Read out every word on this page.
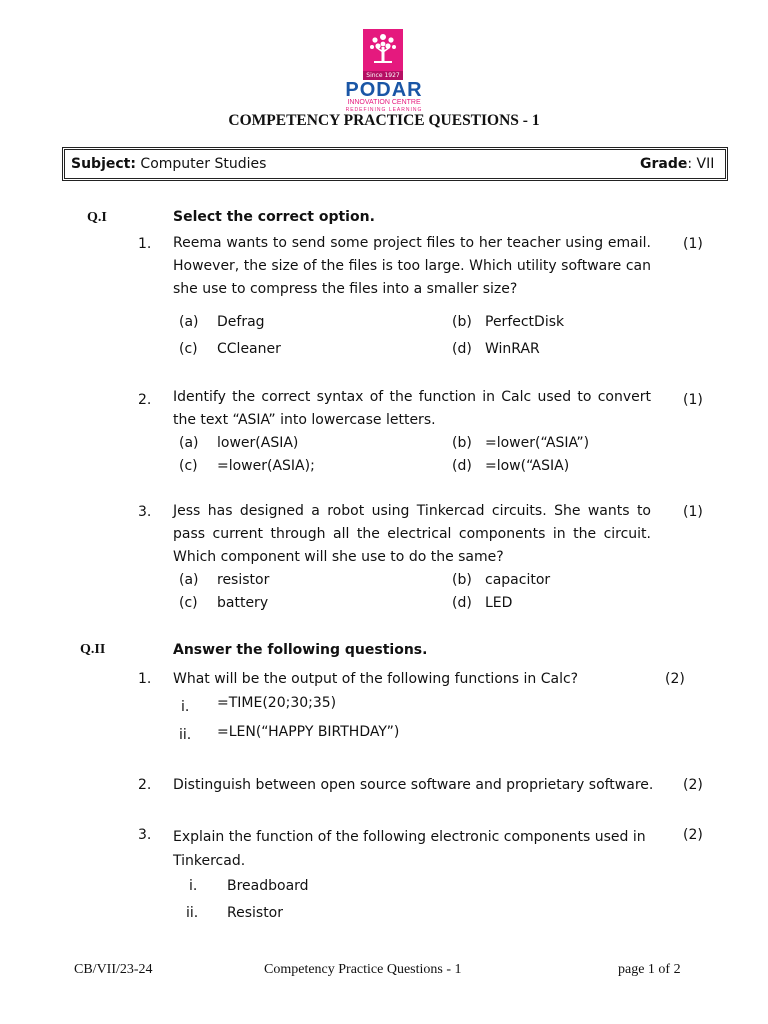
Since 1927
PODAR
INNOVATION CENTRE
REDEFINING LEARNING
COMPETENCY PRACTICE QUESTIONS - 1
Subject: Computer Studies	Grade: VII
Q.I	Select the correct option.
1. Reema wants to send some project files to her teacher using email. However, the size of the files is too large. Which utility software can she use to compress the files into a smaller size?
(1)
(a) Defrag	(b) PerfectDisk
(c) CCleaner	(d) WinRAR
2. Identify the correct syntax of the function in Calc used to convert the text “ASIA” into lowercase letters.
(1)
(a) lower(ASIA)	(b) =lower(“ASIA”)
(c) =lower(ASIA);	(d) =low(“ASIA)
3. Jess has designed a robot using Tinkercad circuits. She wants to pass current through all the electrical components in the circuit. Which component will she use to do the same?
(1)
(a) resistor	(b) capacitor
(c) battery	(d) LED
Q.II	Answer the following questions.
1. What will be the output of the following functions in Calc?	(2)
i. =TIME(20;30;35)
ii. =LEN(“HAPPY BIRTHDAY”)
2. Distinguish between open source software and proprietary software. (2)
3. Explain the function of the following electronic components used in Tinkercad.
(2)
i. Breadboard
ii. Resistor
CB/VII/23-24	Competency Practice Questions - 1	page 1 of 2
